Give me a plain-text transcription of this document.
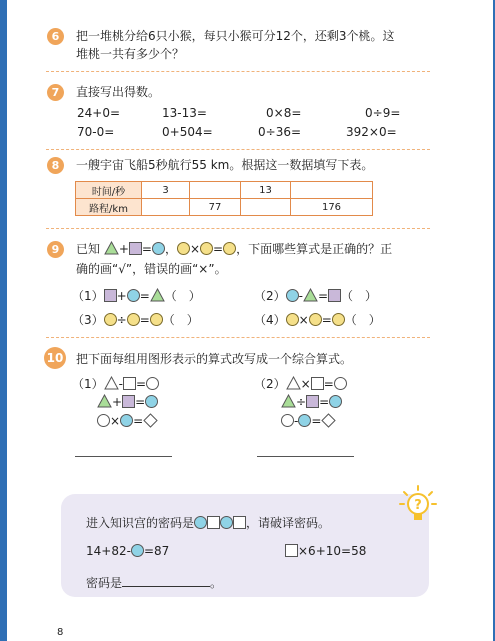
6	把一堆桃分给6只小猴，每只小猴可分12个，还剩3个桃。这
堆桃一共有多少个？
7	直接写出得数。
24+0=	13-13=	0×8=	0÷9=
70-0=	0+504=	0÷36=	392×0=
8	一艘宇宙飞船5秒航行55 km。根据这一数据填写下表。
时间/秒	3		13	
路程/km		77		176
9	已知 + = ， × = ，下面哪些算式是正确的？正
确的画“√”，错误的画“×”。
（1） + = （　）	（2） - = （　）
（3） ÷ = （　）	（4） × = （　）
10 把下面每组用图形表示的算式改写成一个综合算式。
（1） - =
+ =
× =
（2） × =
÷ =
- =
?
进入知识宫的密码是	，请破译密码。
14+82- =87	×6+10=58
密码是	。
8
